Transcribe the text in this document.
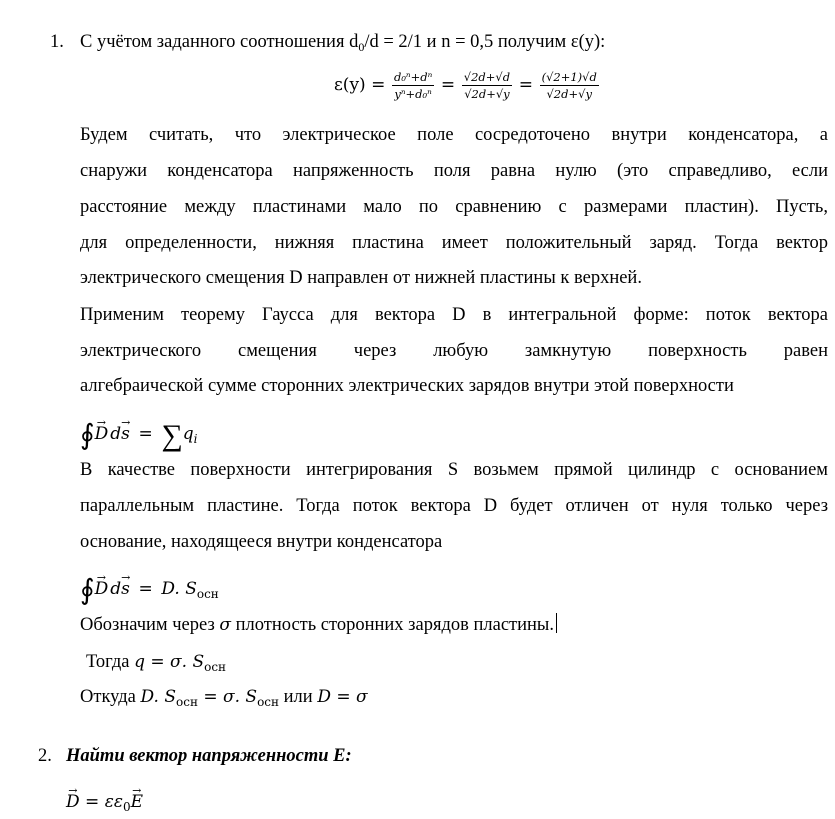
1. С учётом заданного соотношения $d_0/d = 2/1$ и n = 0,5 получим ε(y):
$\varepsilon(y) = \frac{\text{d₀ⁿ+dⁿ}}{\text{yⁿ+d₀ⁿ}} = \frac{√2d+√d}{√2d+√y} = \frac{(√2+1)√d}{√2d+√y}$
Будем считать, что электрическое поле сосредоточено внутри конденсатора, а
снаружи конденсатора напряженность поля равна нулю (это справедливо, если
расстояние между пластинами мало по сравнению с размерами пластин). Пусть,
для определенности, нижняя пластина имеет положительный заряд. Тогда вектор
электрического смещения D направлен от нижней пластины к верхней.
Применим теорему Гаусса для вектора D в интегральной форме: поток вектора
электрического смещения через любую замкнутую поверхность равен
алгебраической сумме сторонних электрических зарядов внутри этой поверхности
∮→ D $d\to s = \sum q_i$
В качестве поверхности интегрирования S возьмем прямой цилиндр с основанием
параллельным пластине. Тогда поток вектора D будет отличен от нуля только через
основание, находящееся внутри конденсатора
∮→ D d→ s = D. $S_{осн}$
Обозначим через σ плотность сторонних зарядов пластины.
Тогда q = σ. $S_{осн}$
Откуда D. $S_{осн} = \sigma$. $S_{осн}$ или D = σ
2. Найти вектор напряженности E:
→ $D = \varepsilon\varepsilon_0\to E$
